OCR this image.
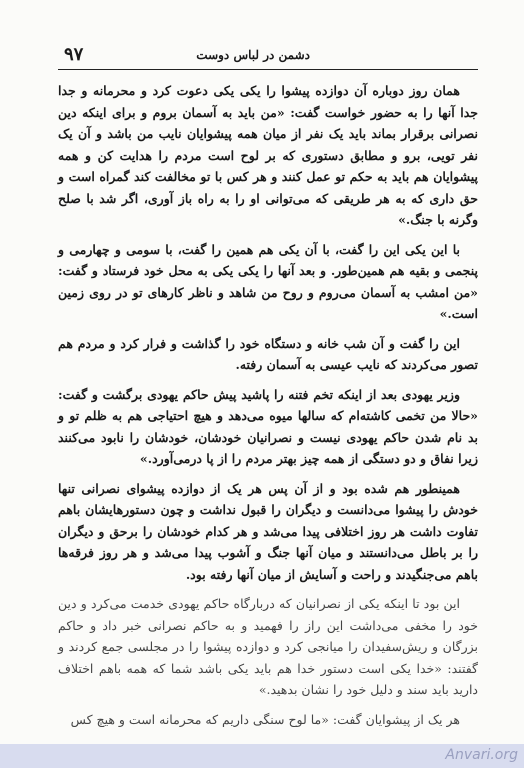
دشمن در لباس دوست
۹۷

همان روز دوباره آن دوازده پیشوا را یکی یکی دعوت کرد و محرمانه و جدا جدا آنها را به حضور خواست گفت: «من باید به آسمان بروم و برای اینکه دین نصرانی برقرار بماند باید یک نفر از میان همه پیشوایان نایب من باشد و آن یک نفر تویی، برو و مطابق دستوری که بر لوح است مردم را هدایت کن و همه پیشوایان هم باید به حکم تو عمل کنند و هر کس با تو مخالفت کند گمراه است و حق داری که به هر طریقی که می‌توانی او را به راه باز آوری، اگر شد با صلح وگرنه با جنگ.»

با این یکی این را گفت، با آن یکی هم همین را گفت، با سومی و چهارمی و پنجمی و بقیه هم همین‌طور. و بعد آنها را یکی یکی به محل خود فرستاد و گفت: «من امشب به آسمان می‌روم و روح من شاهد و ناظر کارهای تو در روی زمین است.»

این را گفت و آن شب خانه و دستگاه خود را گذاشت و فرار کرد و مردم هم تصور می‌کردند که نایب عیسی به آسمان رفته.

وزیر یهودی بعد از اینکه تخم فتنه را پاشید پیش حاکم یهودی برگشت و گفت: «حالا من تخمی کاشته‌ام که سالها میوه می‌دهد و هیچ احتیاجی هم به ظلم تو و بد نام شدن حاکم یهودی نیست و نصرانیان خودشان، خودشان را نابود می‌کنند زیرا نفاق و دو دستگی از همه چیز بهتر مردم را از پا درمی‌آورد.»

همینطور هم شده بود و از آن پس هر یک از دوازده پیشوای نصرانی تنها خودش را پیشوا می‌دانست و دیگران را قبول نداشت و چون دستورهایشان باهم تفاوت داشت هر روز اختلافی پیدا می‌شد و هر کدام خودشان را برحق و دیگران را بر باطل می‌دانستند و میان آنها جنگ و آشوب پیدا می‌شد و هر روز فرقه‌ها باهم می‌جنگیدند و راحت و آسایش از میان آنها رفته بود.

این بود تا اینکه یکی از نصرانیان که دربارگاه حاکم یهودی خدمت می‌کرد و دین خود را مخفی می‌داشت این راز را فهمید و به حاکم نصرانی خبر داد و حاکم بزرگان و ریش‌سفیدان را میانجی کرد و دوازده پیشوا را در مجلسی جمع کردند و گفتند: «خدا یکی است دستور خدا هم باید یکی باشد شما که همه باهم اختلاف دارید باید سند و دلیل خود را نشان بدهید.»

هر یک از پیشوایان گفت: «ما لوح سنگی داریم که محرمانه است و هیچ کس

Anvari.org
